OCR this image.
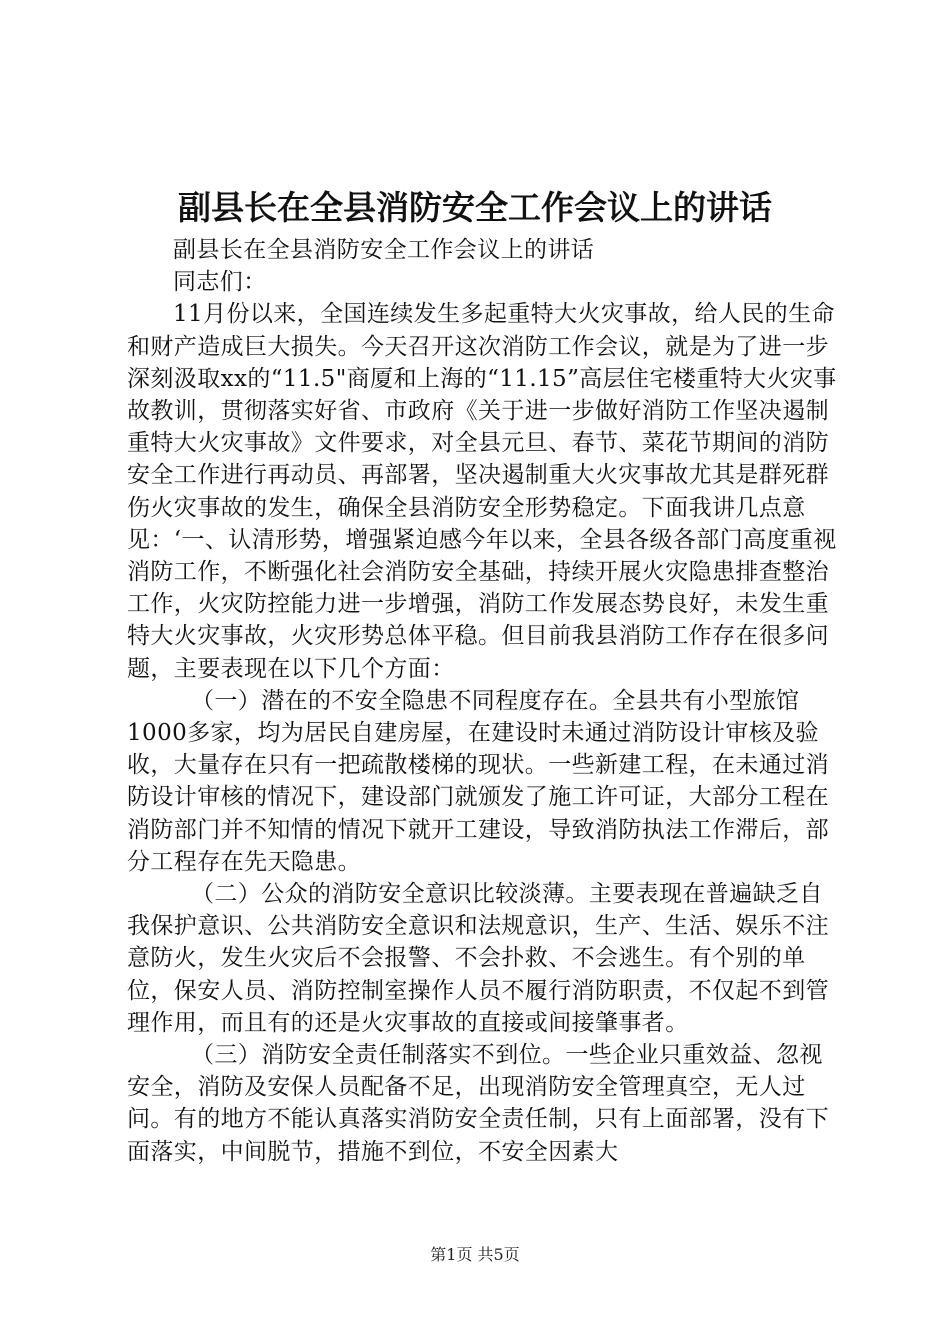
副县长在全县消防安全工作会议上的讲话

副县长在全县消防安全工作会议上的讲话

同志们：

11月份以来，全国连续发生多起重特大火灾事故，给人民的生命和财产造成巨大损失。今天召开这次消防工作会议，就是为了进一步深刻汲取xx的“11.5"商厦和上海的“11.15”高层住宅楼重特大火灾事故教训，贯彻落实好省、市政府《关于进一步做好消防工作坚决遏制重特大火灾事故》文件要求，对全县元旦、春节、菜花节期间的消防安全工作进行再动员、再部署，坚决遏制重大火灾事故尤其是群死群伤火灾事故的发生，确保全县消防安全形势稳定。下面我讲几点意见：‘一、认清形势，增强紧迫感今年以来，全县各级各部门高度重视消防工作，不断强化社会消防安全基础，持续开展火灾隐患排查整治工作，火灾防控能力进一步增强，消防工作发展态势良好，未发生重特大火灾事故，火灾形势总体平稳。但目前我县消防工作存在很多问题，主要表现在以下几个方面：

（一）潜在的不安全隐患不同程度存在。全县共有小型旅馆1000多家，均为居民自建房屋，在建设时未通过消防设计审核及验收，大量存在只有一把疏散楼梯的现状。一些新建工程，在未通过消防设计审核的情况下，建设部门就颁发了施工许可证，大部分工程在消防部门并不知情的情况下就开工建设，导致消防执法工作滞后，部分工程存在先天隐患。

（二）公众的消防安全意识比较淡薄。主要表现在普遍缺乏自我保护意识、公共消防安全意识和法规意识，生产、生活、娱乐不注意防火，发生火灾后不会报警、不会扑救、不会逃生。有个别的单位，保安人员、消防控制室操作人员不履行消防职责，不仅起不到管理作用，而且有的还是火灾事故的直接或间接肇事者。

（三）消防安全责任制落实不到位。一些企业只重效益、忽视安全，消防及安保人员配备不足，出现消防安全管理真空，无人过问。有的地方不能认真落实消防安全责任制，只有上面部署，没有下面落实，中间脱节，措施不到位，不安全因素大

第1页 共5页
